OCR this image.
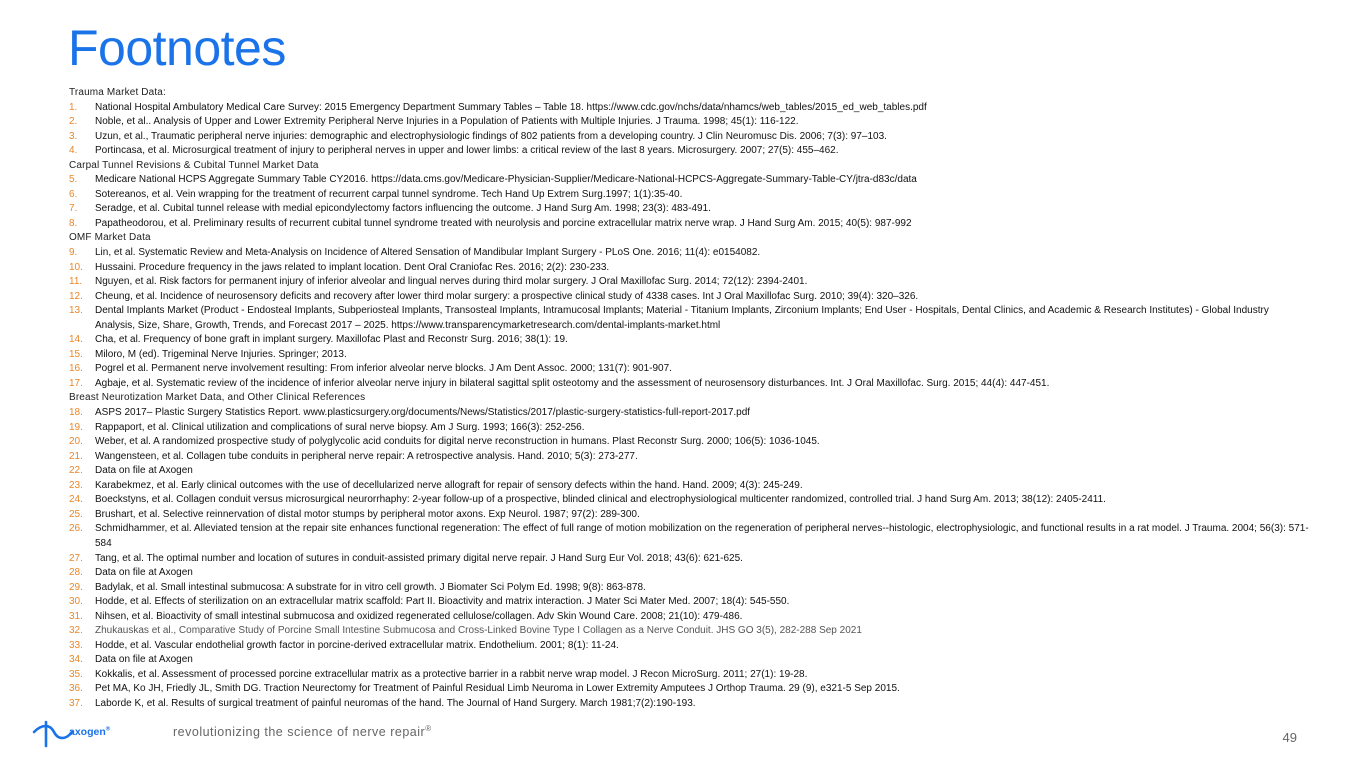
Footnotes
Trauma Market Data:
1.	National Hospital Ambulatory Medical Care Survey: 2015 Emergency Department Summary Tables – Table 18. https://www.cdc.gov/nchs/data/nhamcs/web_tables/2015_ed_web_tables.pdf
2.	Noble, et al.. Analysis of Upper and Lower Extremity Peripheral Nerve Injuries in a Population of Patients with Multiple Injuries. J Trauma. 1998; 45(1): 116-122.
3.	Uzun, et al., Traumatic peripheral nerve injuries: demographic and electrophysiologic findings of 802 patients from a developing country. J Clin Neuromusc Dis. 2006; 7(3): 97–103.
4.	Portincasa, et al. Microsurgical treatment of injury to peripheral nerves in upper and lower limbs: a critical review of the last 8 years. Microsurgery. 2007; 27(5): 455–462.
Carpal Tunnel Revisions & Cubital Tunnel Market Data
5.	Medicare National HCPS Aggregate Summary Table CY2016. https://data.cms.gov/Medicare-Physician-Supplier/Medicare-National-HCPCS-Aggregate-Summary-Table-CY/jtra-d83c/data
6.	Sotereanos, et al. Vein wrapping for the treatment of recurrent carpal tunnel syndrome. Tech Hand Up Extrem Surg.1997; 1(1):35-40.
7.	Seradge, et al. Cubital tunnel release with medial epicondylectomy factors influencing the outcome. J Hand Surg Am. 1998; 23(3): 483-491.
8.	Papatheodorou, et al. Preliminary results of recurrent cubital tunnel syndrome treated with neurolysis and porcine extracellular matrix nerve wrap. J Hand Surg Am. 2015; 40(5): 987-992
OMF Market Data
9.	Lin, et al. Systematic Review and Meta-Analysis on Incidence of Altered Sensation of Mandibular Implant Surgery - PLoS One. 2016; 11(4): e0154082.
10.	Hussaini. Procedure frequency in the jaws related to implant location. Dent Oral Craniofac Res. 2016; 2(2): 230-233.
11.	Nguyen, et al. Risk factors for permanent injury of inferior alveolar and lingual nerves during third molar surgery. J Oral Maxillofac Surg. 2014; 72(12): 2394-2401.
12.	Cheung, et al. Incidence of neurosensory deficits and recovery after lower third molar surgery: a prospective clinical study of 4338 cases. Int J Oral Maxillofac Surg. 2010; 39(4): 320–326.
13.	Dental Implants Market (Product - Endosteal Implants, Subperiosteal Implants, Transosteal Implants, Intramucosal Implants; Material - Titanium Implants, Zirconium Implants; End User - Hospitals, Dental Clinics, and Academic & Research Institutes) - Global Industry Analysis, Size, Share, Growth, Trends, and Forecast 2017 – 2025. https://www.transparencymarketresearch.com/dental-implants-market.html
14.	Cha, et al. Frequency of bone graft in implant surgery. Maxillofac Plast and Reconstr Surg. 2016; 38(1): 19.
15.	Miloro, M (ed). Trigeminal Nerve Injuries. Springer; 2013.
16.	Pogrel et al. Permanent nerve involvement resulting: From inferior alveolar nerve blocks. J Am Dent Assoc. 2000; 131(7): 901-907.
17.	Agbaje, et al. Systematic review of the incidence of inferior alveolar nerve injury in bilateral sagittal split osteotomy and the assessment of neurosensory disturbances. Int. J Oral Maxillofac. Surg. 2015; 44(4): 447-451.
Breast Neurotization Market Data, and Other Clinical References
18.	ASPS 2017– Plastic Surgery Statistics Report. www.plasticsurgery.org/documents/News/Statistics/2017/plastic-surgery-statistics-full-report-2017.pdf
19.	Rappaport, et al. Clinical utilization and complications of sural nerve biopsy. Am J Surg. 1993; 166(3): 252-256.
20.	Weber, et al. A randomized prospective study of polyglycolic acid conduits for digital nerve reconstruction in humans. Plast Reconstr Surg. 2000; 106(5): 1036-1045.
21.	Wangensteen, et al. Collagen tube conduits in peripheral nerve repair: A retrospective analysis. Hand. 2010; 5(3): 273-277.
22.	Data on file at Axogen
23.	Karabekmez, et al. Early clinical outcomes with the use of decellularized nerve allograft for repair of sensory defects within the hand. Hand. 2009; 4(3): 245-249.
24.	Boeckstyns, et al. Collagen conduit versus microsurgical neurorrhaphy: 2-year follow-up of a prospective, blinded clinical and electrophysiological multicenter randomized, controlled trial. J hand Surg Am. 2013; 38(12): 2405-2411.
25.	Brushart, et al. Selective reinnervation of distal motor stumps by peripheral motor axons. Exp Neurol. 1987; 97(2): 289-300.
26.	Schmidhammer, et al. Alleviated tension at the repair site enhances functional regeneration: The effect of full range of motion mobilization on the regeneration of peripheral nerves--histologic, electrophysiologic, and functional results in a rat model. J Trauma. 2004; 56(3): 571-584
27.	Tang, et al. The optimal number and location of sutures in conduit-assisted primary digital nerve repair. J Hand Surg Eur Vol. 2018; 43(6): 621-625.
28.	Data on file at Axogen
29.	Badylak, et al. Small intestinal submucosa: A substrate for in vitro cell growth. J Biomater Sci Polym Ed. 1998; 9(8): 863-878.
30.	Hodde, et al. Effects of sterilization on an extracellular matrix scaffold: Part II. Bioactivity and matrix interaction. J Mater Sci Mater Med. 2007; 18(4): 545-550.
31.	Nihsen, et al. Bioactivity of small intestinal submucosa and oxidized regenerated cellulose/collagen. Adv Skin Wound Care. 2008; 21(10): 479-486.
32.	Zhukauskas et al., Comparative Study of Porcine Small Intestine Submucosa and Cross-Linked Bovine Type I Collagen as a Nerve Conduit. JHS GO 3(5), 282-288 Sep 2021
33.	Hodde, et al. Vascular endothelial growth factor in porcine-derived extracellular matrix. Endothelium. 2001; 8(1): 11-24.
34.	Data on file at Axogen
35.	Kokkalis, et al. Assessment of processed porcine extracellular matrix as a protective barrier in a rabbit nerve wrap model. J Recon MicroSurg. 2011; 27(1): 19-28.
36.	Pet MA, Ko JH, Friedly JL, Smith DG. Traction Neurectomy for Treatment of Painful Residual Limb Neuroma in Lower Extremity Amputees J Orthop Trauma. 29 (9), e321-5 Sep 2015.
37.	Laborde K, et al. Results of surgical treatment of painful neuromas of the hand. The Journal of Hand Surgery. March 1981;7(2):190-193.
axogen®	revolutionizing the science of nerve repair®
49
